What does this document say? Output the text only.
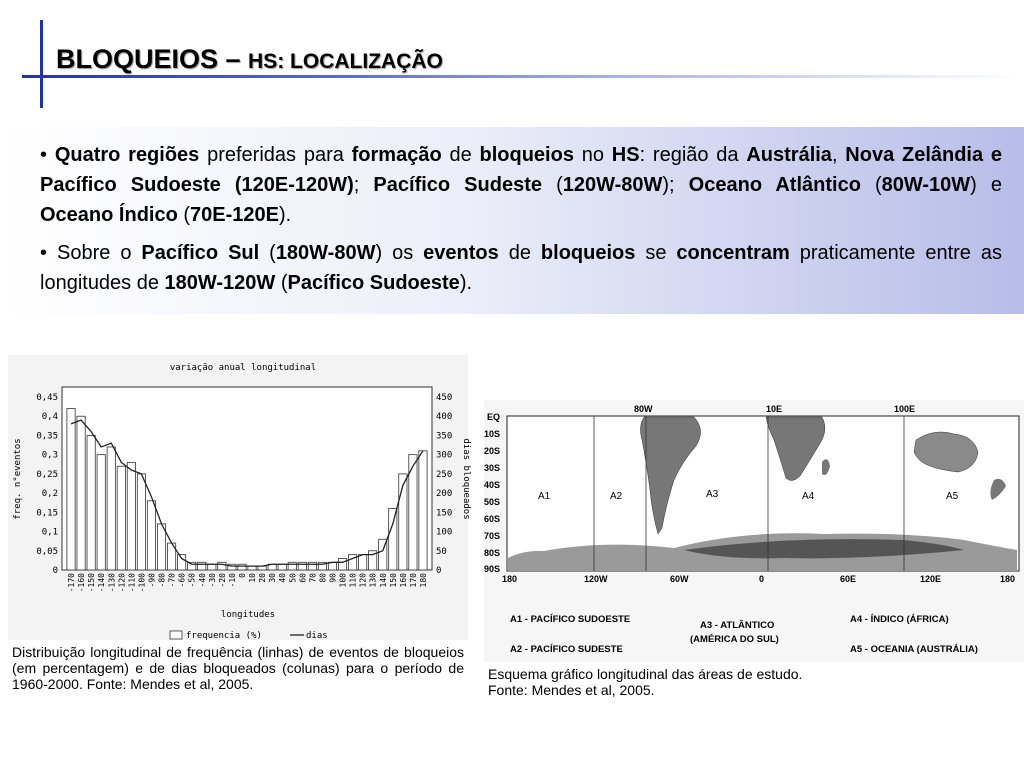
BLOQUEIOS – HS: LOCALIZAÇÃO

• Quatro regiões preferidas para formação de bloqueios no HS: região da Austrália, Nova Zelândia e Pacífico Sudoeste (120E-120W); Pacífico Sudeste (120W-80W); Oceano Atlântico (80W-10W) e Oceano Índico (70E-120E).

• Sobre o Pacífico Sul (180W-80W) os eventos de bloqueios se concentram praticamente entre as longitudes de 180W-120W (Pacífico Sudoeste).

variação anual longitudinal
0
0,05
0,1
0,15
0,2
0,25
0,3
0,35
0,4
0,45
0
50
100
150
200
250
300
350
400
450
-170 -160 -150 -140 -130 -120 -110 -100 -90 -80 -70 -60 -50 -40 -30 -20 -10 0 10 20 30 40 50 60 70 80 90 100 110 120 130 140 150 160 170 180
freq. n°eventos	dias bloqueados
longitudes
frequencia (%)	dias
EQ
10S
20S
30S
40S
50S
60S
70S
80S
90S
80W	10E	100E
180	120W	60W	0	60E	120E	180
A1	A2	A3	A4	A5
A1 - PACÍFICO SUDOESTE
A2 - PACÍFICO SUDESTE
A3 - ATLÂNTICO
(AMÉRICA DO SUL)
A4 - ÍNDICO (ÁFRICA)
A5 - OCEANIA (AUSTRÁLIA)
Distribuição longitudinal de frequência (linhas) de eventos de bloqueios (em percentagem) e de dias bloqueados (colunas) para o período de 1960-2000. Fonte: Mendes et al, 2005.
Esquema gráfico longitudinal das áreas de estudo.
Fonte: Mendes et al, 2005.
